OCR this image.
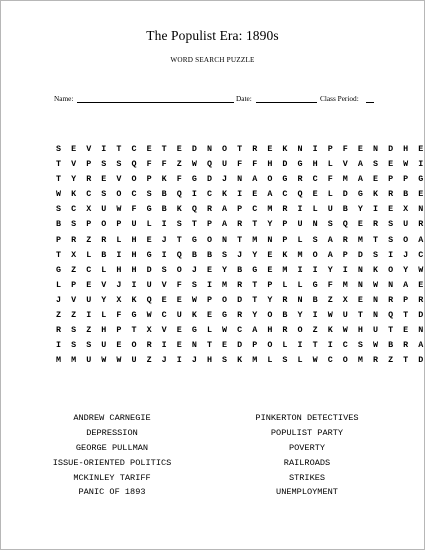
The Populist Era: 1890s
WORD SEARCH PUZZLE
Name:	Date:	Class Period:
S E V I T C E T E D N O T R E K N I P F E N D H E
T V P S S Q F F Z W Q U F F H D G H L V A S E W I
T Y R E V O P K F G D J N A O G R C F M A E P P G
W K C S O C S B Q I C K I E A C Q E L D G K R B E
S C X U W F G B K Q R A P C M R I L U B Y I E X N
B S P O P U L I S T P A R T Y P U N S Q E R S U R
P R Z R L H E J T G O N T M N P L S A R M T S O A
T X L B I H G I Q B B S J Y E K M O A P D S I J C
G Z C L H H D S O J E Y B G E M I I Y I N K O Y W
L P E V J I U V F S I M R T P L L G F M N W N A E
J V U Y X K Q E E W P O D T Y R N B Z X E N R P R
Z Z I L F G W C U K E G R Y O B Y I W U T N Q T D
R S Z H P T X V E G L W C A H R O Z K W H U T E N
I S S U E O R I E N T E D P O L I T I C S W B R A
M M U W W U Z J I J H S K M L S L W C O M R Z T D
ANDREW CARNEGIE
DEPRESSION
GEORGE PULLMAN
ISSUE-ORIENTED POLITICS
MCKINLEY TARIFF
PANIC OF 1893
PINKERTON DETECTIVES
POPULIST PARTY
POVERTY
RAILROADS
STRIKES
UNEMPLOYMENT
